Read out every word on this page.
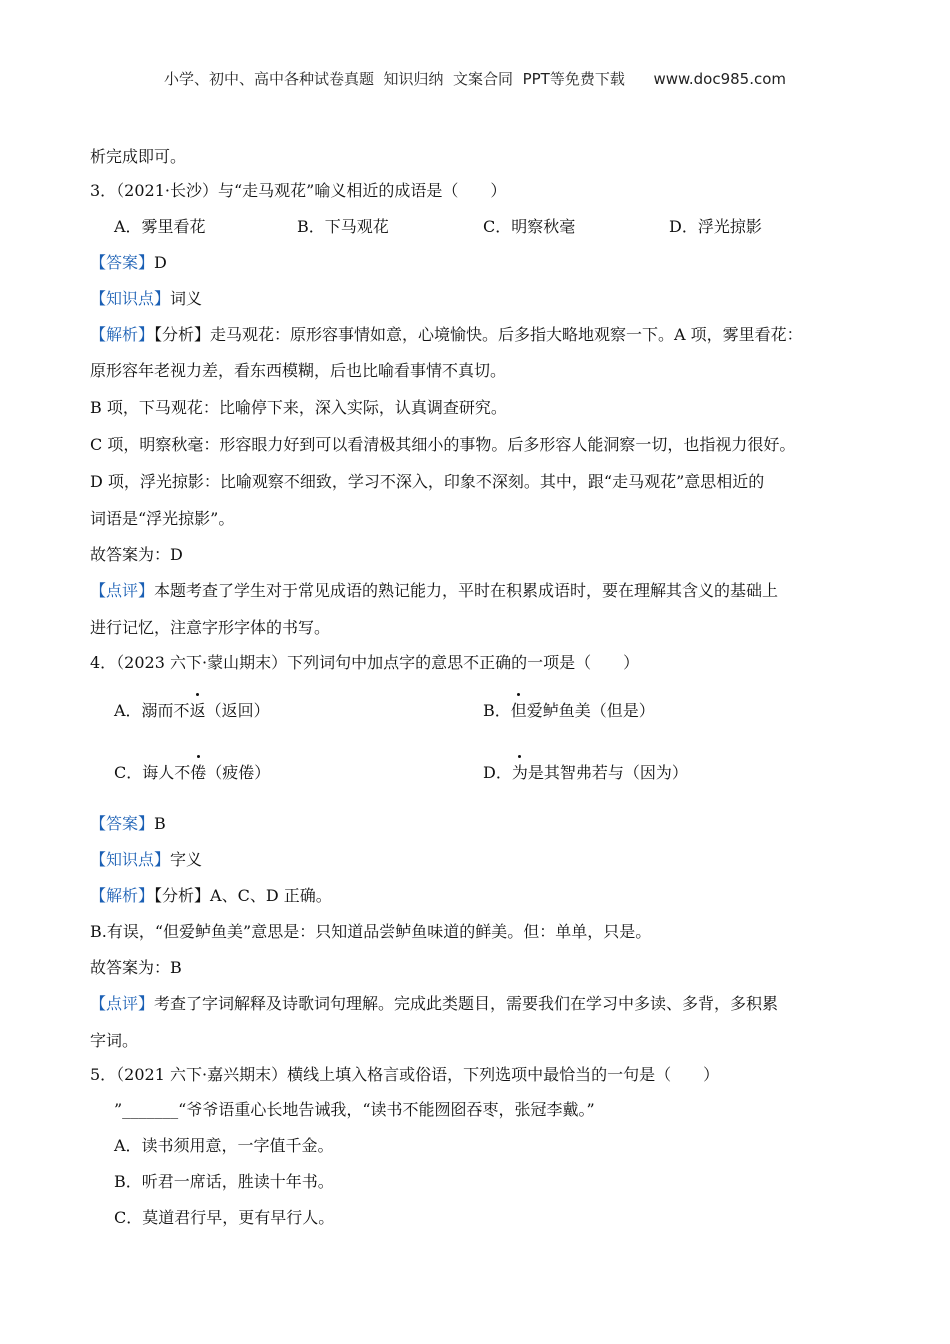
小学、初中、高中各种试卷真题  知识归纳  文案合同  PPT等免费下载      www.doc985.com
析完成即可。
3．（2021·长沙）与“走马观花”喻义相近的成语是（　　）
A．雾里看花	B．下马观花	C．明察秋毫	D．浮光掠影
【答案】D
【知识点】词义
【解析】【分析】走马观花：原形容事情如意，心境愉快。后多指大略地观察一下。A 项，雾里看花：
原形容年老视力差，看东西模糊，后也比喻看事情不真切。
B 项，下马观花：比喻停下来，深入实际，认真调查研究。
C 项，明察秋毫：形容眼力好到可以看清极其细小的事物。后多形容人能洞察一切，也指视力很好。
D 项，浮光掠影：比喻观察不细致，学习不深入，印象不深刻。其中，跟“走马观花”意思相近的
词语是“浮光掠影”。
故答案为：D
【点评】本题考查了学生对于常见成语的熟记能力，平时在积累成语时，要在理解其含义的基础上
进行记忆，注意字形字体的书写。
4．（2023 六下·蒙山期末）下列词句中加点字的意思不正确的一项是（　　）
A．溺而不返（返回）	B．但爱鲈鱼美（但是）
C．诲人不倦（疲倦）	D．为是其智弗若与（因为）
【答案】B
【知识点】字义
【解析】【分析】A、C、D 正确。
B.有误，“但爱鲈鱼美”意思是：只知道品尝鲈鱼味道的鲜美。但：单单，只是。
故答案为：B
【点评】考查了字词解释及诗歌词句理解。完成此类题目，需要我们在学习中多读、多背，多积累
字词。
5．（2021 六下·嘉兴期末）横线上填入格言或俗语，下列选项中最恰当的一句是（　　）
”_______“爷爷语重心长地告诫我，“读书不能囫囵吞枣，张冠李戴。”
A．读书须用意，一字值千金。
B．听君一席话，胜读十年书。
C．莫道君行早，更有早行人。
